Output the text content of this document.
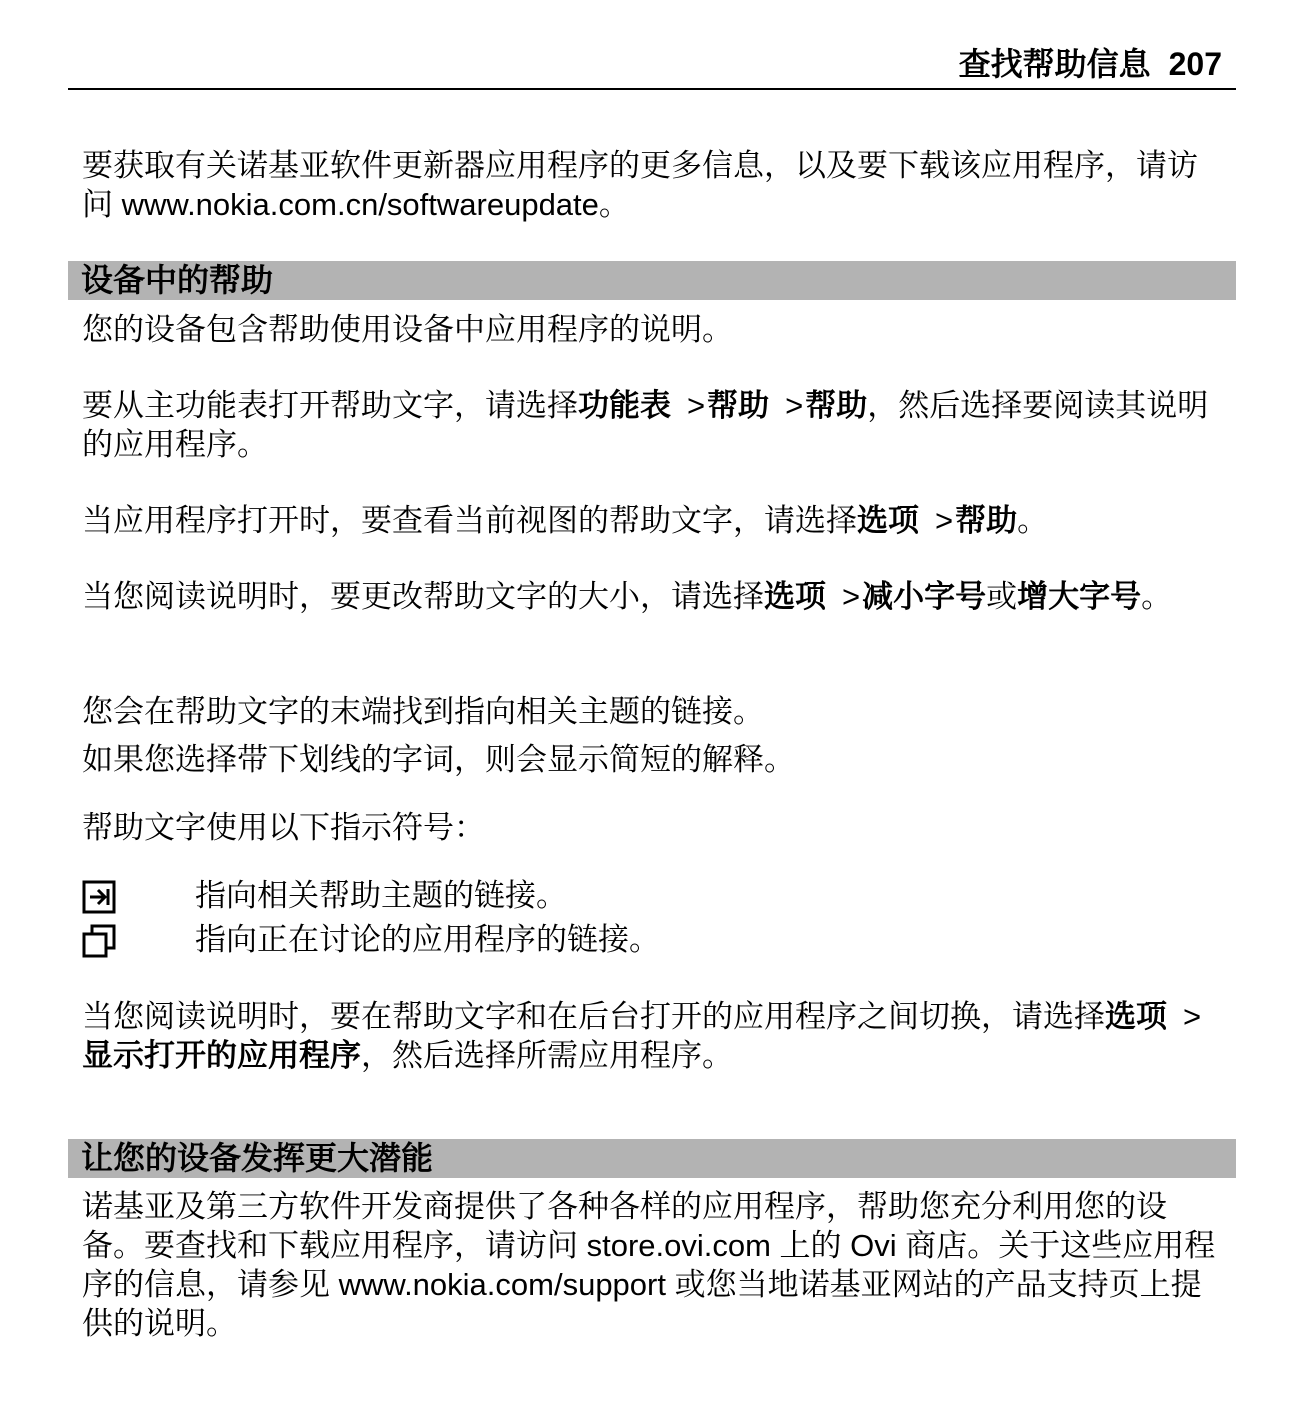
查找帮助信息 207

要获取有关诺基亚软件更新器应用程序的更多信息，以及要下载该应用程序，请访问 www.nokia.com.cn/softwareupdate。

设备中的帮助

您的设备包含帮助使用设备中应用程序的说明。

要从主功能表打开帮助文字，请选择功能表 >帮助 >帮助，然后选择要阅读其说明的应用程序。

当应用程序打开时，要查看当前视图的帮助文字，请选择选项 >帮助。

当您阅读说明时，要更改帮助文字的大小，请选择选项 >减小字号或增大字号。

您会在帮助文字的末端找到指向相关主题的链接。

如果您选择带下划线的字词，则会显示简短的解释。

帮助文字使用以下指示符号：

指向相关帮助主题的链接。
指向正在讨论的应用程序的链接。

当您阅读说明时，要在帮助文字和在后台打开的应用程序之间切换，请选择选项 >显示打开的应用程序，然后选择所需应用程序。

让您的设备发挥更大潜能

诺基亚及第三方软件开发商提供了各种各样的应用程序，帮助您充分利用您的设备。要查找和下载应用程序，请访问 store.ovi.com 上的 Ovi 商店。关于这些应用程序的信息，请参见 www.nokia.com/support 或您当地诺基亚网站的产品支持页上提供的说明。
